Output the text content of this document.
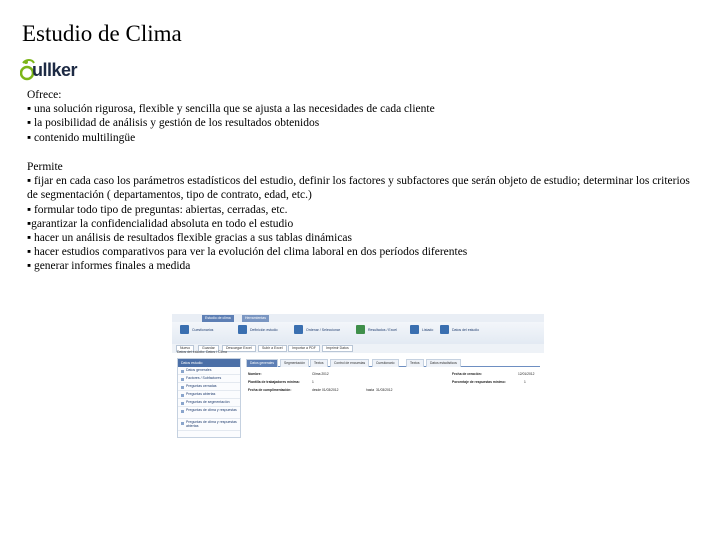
Estudio de Clima
ullker

Ofrece:

▪ una solución rigurosa, flexible y sencilla que se ajusta a las necesidades de cada cliente

▪ la posibilidad de análisis y gestión de los resultados obtenidos

▪ contenido multilingüe

Permite

▪ fijar en cada caso los parámetros estadísticos del estudio, definir los factores y subfactores que serán objeto de estudio; determinar los criterios de segmentación ( departamentos, tipo de contrato, edad, etc.)

▪ formular todo tipo de preguntas: abiertas, cerradas, etc.

▪garantizar la confidencialidad absoluta en todo el estudio

▪ hacer un análisis de resultados flexible gracias a sus tablas dinámicas

▪ hacer estudios comparativos para ver la evolución del clima laboral en dos períodos diferentes

▪ generar informes finales a medida

Estudio de clima	Herramientas
Cuestionarios	Definición estudio	Ordenar / Seleccionar	Resultados / Excel	Listado	Datos del estudio
Nuevo	Guardar	Descargar Excel	Subir a Excel	Importar a PDF	Imprimir Datos
Datos del estudio: Datos / Clima
Datos estudio
Datos generales
Factores / Subfactores
Preguntas cerradas
Preguntas abiertas
Preguntas de segmentación
Preguntas de clima y respuestas
Preguntas de clima y respuestas abiertas
Datos generales	Segmentación	Textos	Control de encuestas	Cuestionario	Textos	Datos estadísticos
Nombre:	Clima 2012	Fecha de creación:	12/01/2012
Plantilla de trabajadores mínima:	1	Porcentaje de respuestas mínimo:	1
Fecha de cumplimentación:	desde 01/03/2012	hasta 31/03/2012
